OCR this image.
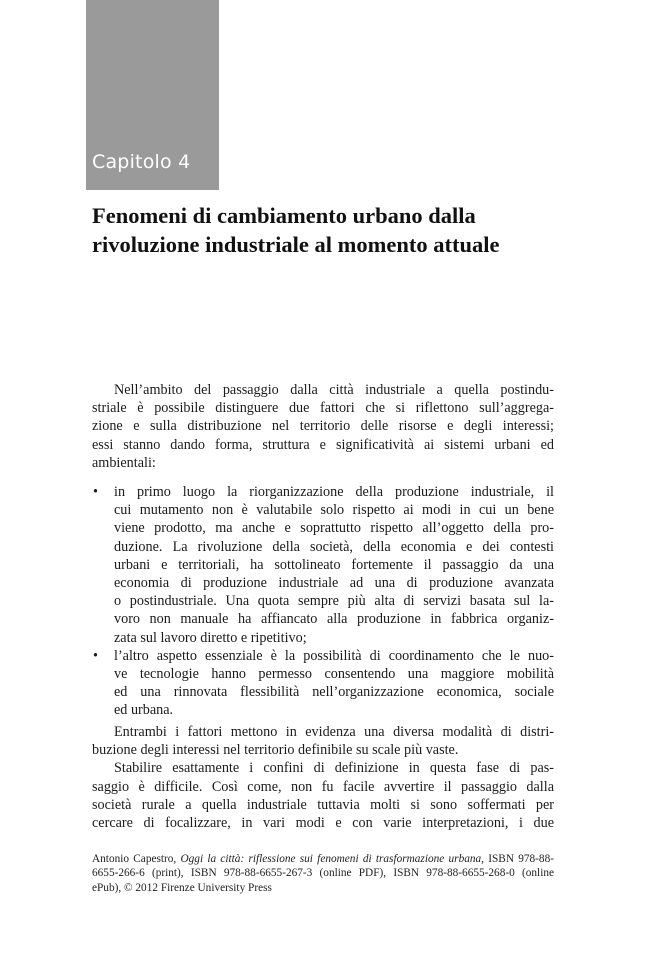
Capitolo 4
Fenomeni di cambiamento urbano dalla
rivoluzione industriale al momento attuale
Nell’ambito del passaggio dalla città industriale a quella postindu-
striale è possibile distinguere due fattori che si riflettono sull’aggrega-
zione e sulla distribuzione nel territorio delle risorse e degli interessi;
essi stanno dando forma, struttura e significatività ai sistemi urbani ed
ambientali:
• in primo luogo la riorganizzazione della produzione industriale, il
cui mutamento non è valutabile solo rispetto ai modi in cui un bene
viene prodotto, ma anche e soprattutto rispetto all’oggetto della pro-
duzione. La rivoluzione della società, della economia e dei contesti
urbani e territoriali, ha sottolineato fortemente il passaggio da una
economia di produzione industriale ad una di produzione avanzata
o postindustriale. Una quota sempre più alta di servizi basata sul la-
voro non manuale ha affiancato alla produzione in fabbrica organiz-
zata sul lavoro diretto e ripetitivo;
• l’altro aspetto essenziale è la possibilità di coordinamento che le nuo-
ve tecnologie hanno permesso consentendo una maggiore mobilità
ed una rinnovata flessibilità nell’organizzazione economica, sociale
ed urbana.
Entrambi i fattori mettono in evidenza una diversa modalità di distri-
buzione degli interessi nel territorio definibile su scale più vaste.
Stabilire esattamente i confini di definizione in questa fase di pas-
saggio è difficile. Così come, non fu facile avvertire il passaggio dalla
società rurale a quella industriale tuttavia molti si sono soffermati per
cercare di focalizzare, in vari modi e con varie interpretazioni, i due
Antonio Capestro, Oggi la città: riflessione sui fenomeni di trasformazione urbana, ISBN 978-88-
6655-266-6 (print), ISBN 978-88-6655-267-3 (online PDF), ISBN 978-88-6655-268-0 (online
ePub), © 2012 Firenze University Press
